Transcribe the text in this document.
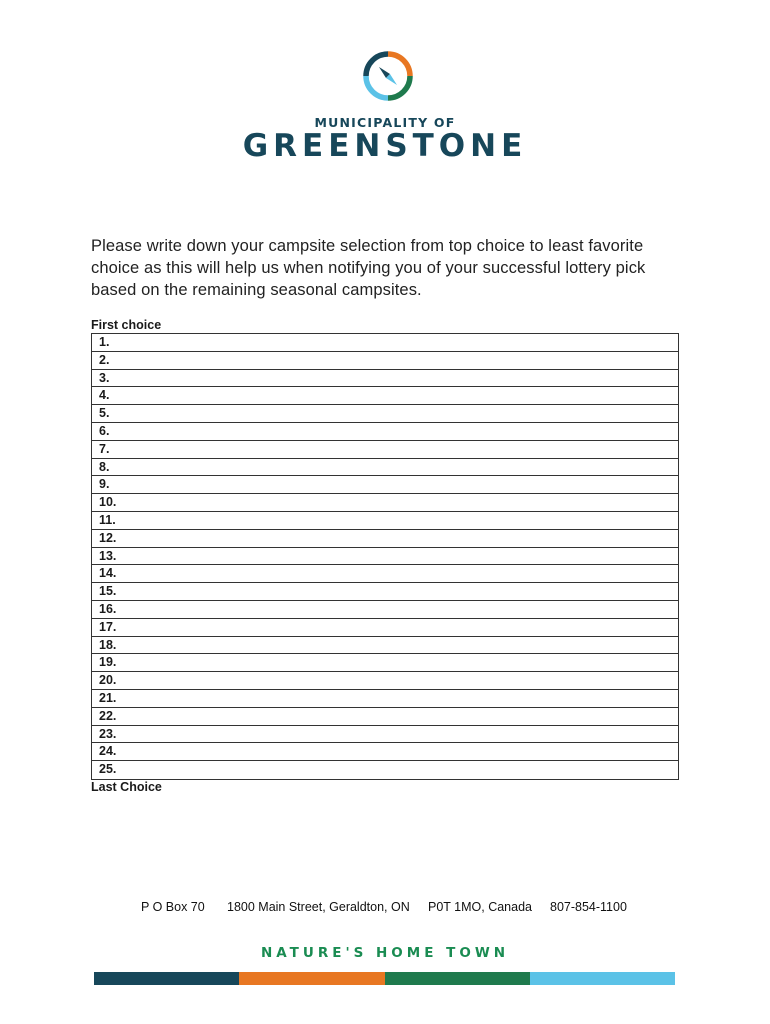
MUNICIPALITY OF
GREENSTONE
Please write down your campsite selection from top choice to least favorite choice as this will help us when notifying you of your successful lottery pick based on the remaining seasonal campsites.
First choice
1.
2.
3.
4.
5.
6.
7.
8.
9.
10.
11.
12.
13.
14.
15.
16.
17.
18.
19.
20.
21.
22.
23.
24.
25.
Last Choice
P O Box 70 1800 Main Street, Geraldton, ON P0T 1MO, Canada 807-854-1100
NATURE'S HOME TOWN
